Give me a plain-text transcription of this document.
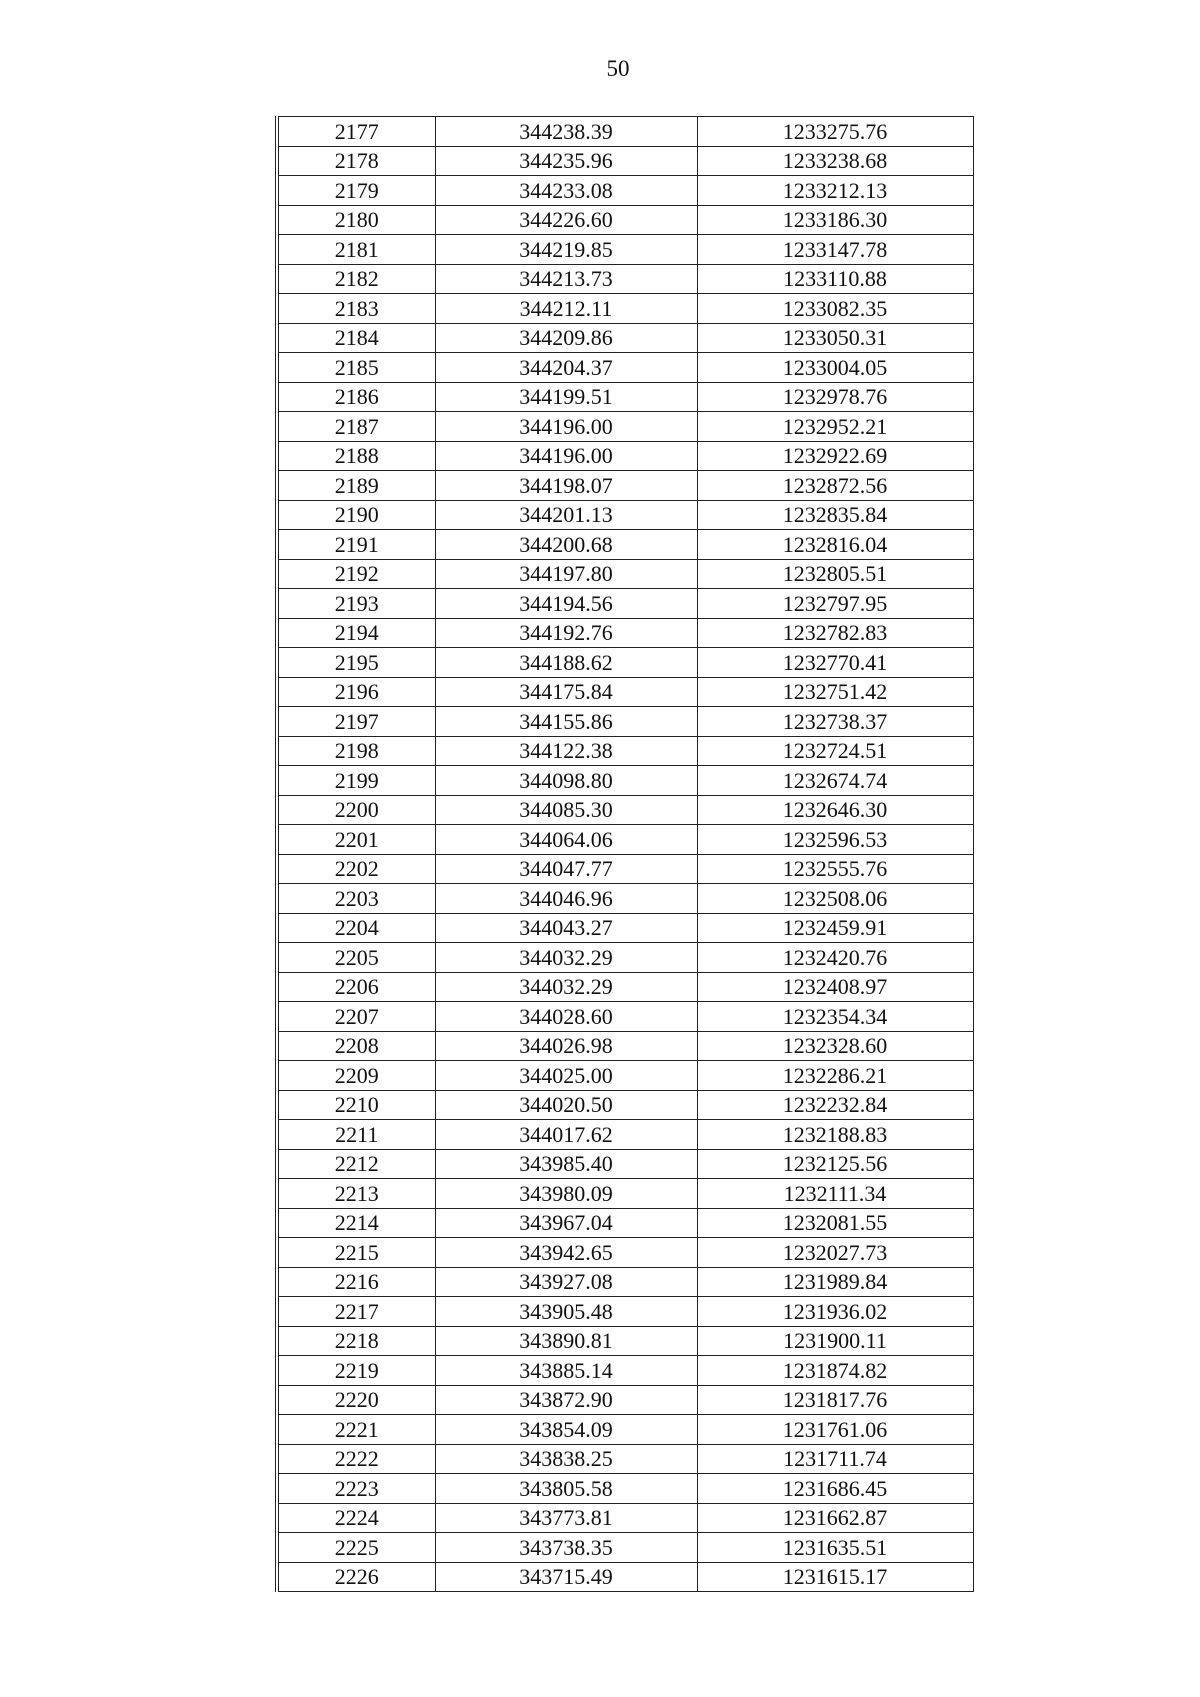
50
2177	344238.39	1233275.76
2178	344235.96	1233238.68
2179	344233.08	1233212.13
2180	344226.60	1233186.30
2181	344219.85	1233147.78
2182	344213.73	1233110.88
2183	344212.11	1233082.35
2184	344209.86	1233050.31
2185	344204.37	1233004.05
2186	344199.51	1232978.76
2187	344196.00	1232952.21
2188	344196.00	1232922.69
2189	344198.07	1232872.56
2190	344201.13	1232835.84
2191	344200.68	1232816.04
2192	344197.80	1232805.51
2193	344194.56	1232797.95
2194	344192.76	1232782.83
2195	344188.62	1232770.41
2196	344175.84	1232751.42
2197	344155.86	1232738.37
2198	344122.38	1232724.51
2199	344098.80	1232674.74
2200	344085.30	1232646.30
2201	344064.06	1232596.53
2202	344047.77	1232555.76
2203	344046.96	1232508.06
2204	344043.27	1232459.91
2205	344032.29	1232420.76
2206	344032.29	1232408.97
2207	344028.60	1232354.34
2208	344026.98	1232328.60
2209	344025.00	1232286.21
2210	344020.50	1232232.84
2211	344017.62	1232188.83
2212	343985.40	1232125.56
2213	343980.09	1232111.34
2214	343967.04	1232081.55
2215	343942.65	1232027.73
2216	343927.08	1231989.84
2217	343905.48	1231936.02
2218	343890.81	1231900.11
2219	343885.14	1231874.82
2220	343872.90	1231817.76
2221	343854.09	1231761.06
2222	343838.25	1231711.74
2223	343805.58	1231686.45
2224	343773.81	1231662.87
2225	343738.35	1231635.51
2226	343715.49	1231615.17
